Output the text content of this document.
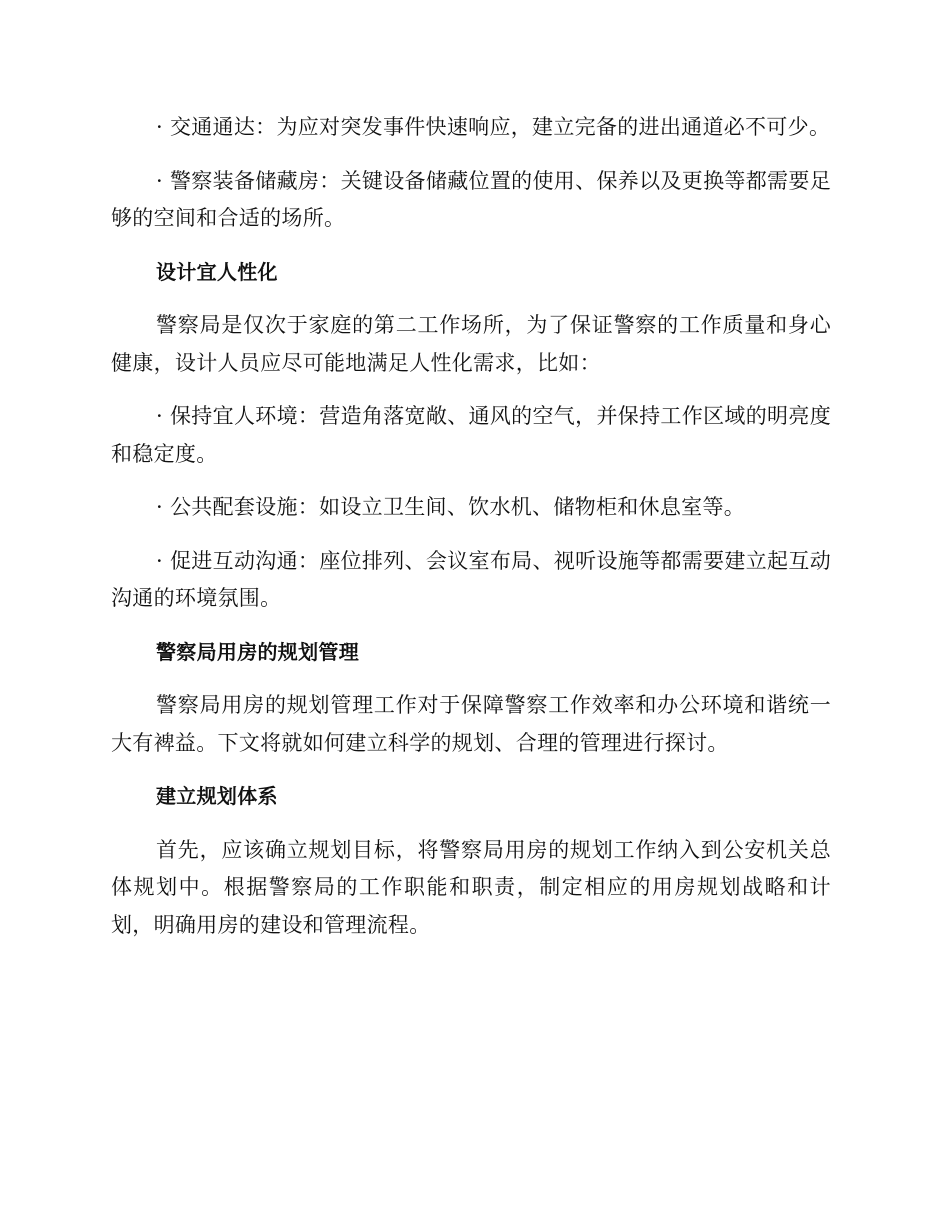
· 交通通达：为应对突发事件快速响应，建立完备的进出通道必不可少。

· 警察装备储藏房：关键设备储藏位置的使用、保养以及更换等都需要足够的空间和合适的场所。

设计宜人性化

警察局是仅次于家庭的第二工作场所，为了保证警察的工作质量和身心健康，设计人员应尽可能地满足人性化需求，比如：

· 保持宜人环境：营造角落宽敞、通风的空气，并保持工作区域的明亮度和稳定度。

· 公共配套设施：如设立卫生间、饮水机、储物柜和休息室等。

· 促进互动沟通：座位排列、会议室布局、视听设施等都需要建立起互动沟通的环境氛围。

警察局用房的规划管理

警察局用房的规划管理工作对于保障警察工作效率和办公环境和谐统一大有裨益。下文将就如何建立科学的规划、合理的管理进行探讨。

建立规划体系

首先，应该确立规划目标，将警察局用房的规划工作纳入到公安机关总体规划中。根据警察局的工作职能和职责，制定相应的用房规划战略和计划，明确用房的建设和管理流程。
